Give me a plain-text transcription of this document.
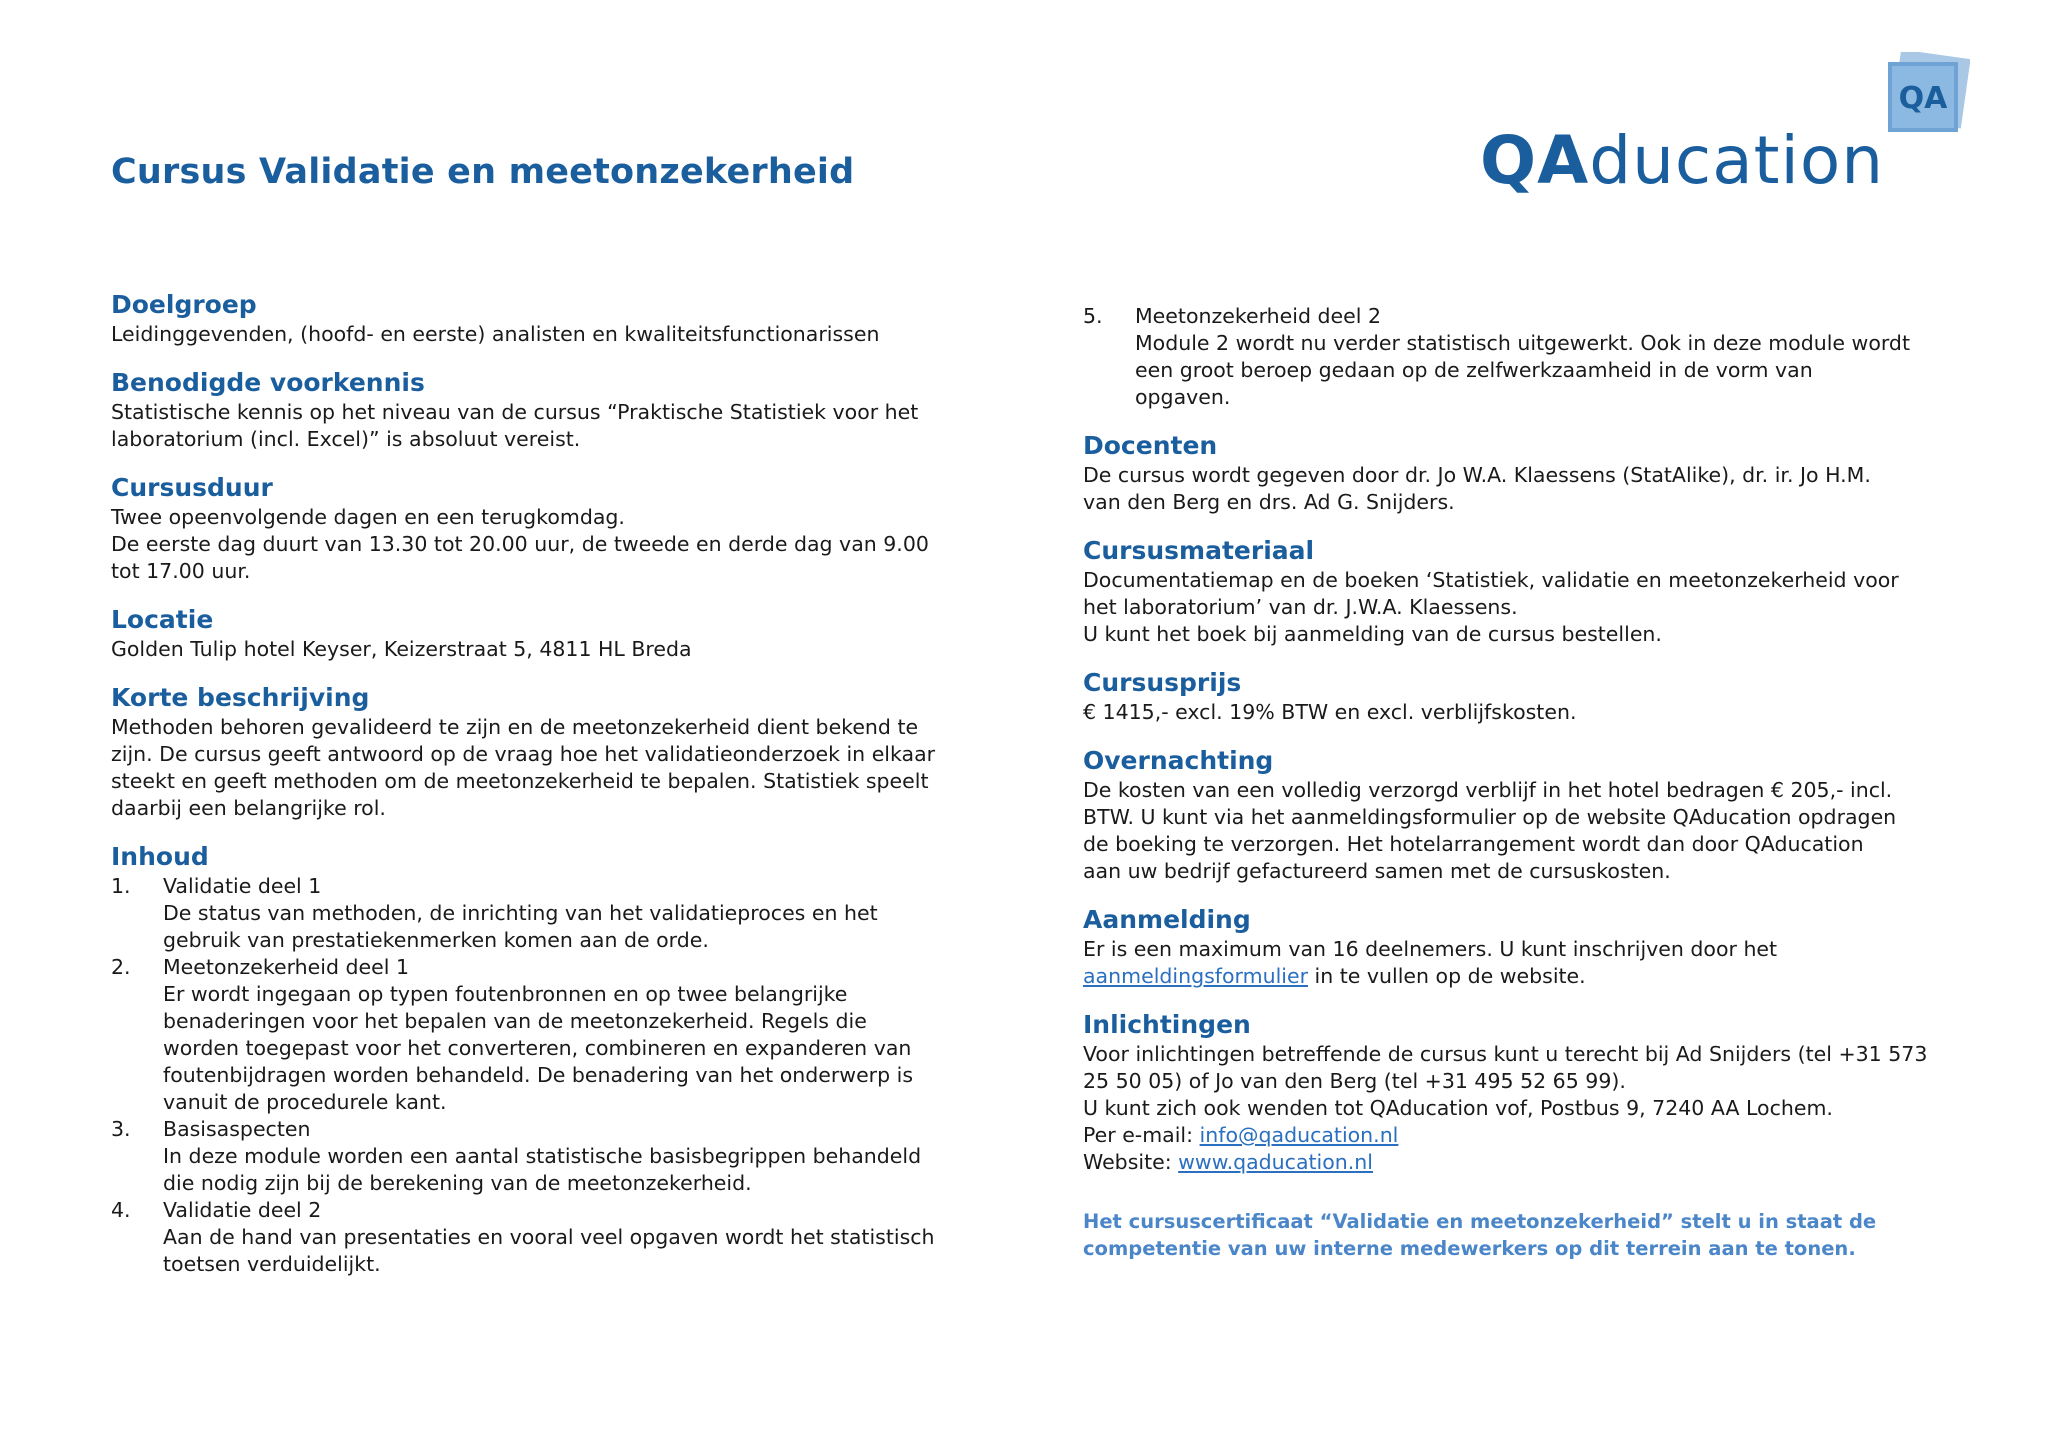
Cursus Validatie en meetonzekerheid	QAducation
QA
Doelgroep

Leidinggevenden, (hoofd- en eerste) analisten en kwaliteitsfunctionarissen

Benodigde voorkennis

Statistische kennis op het niveau van de cursus “Praktische Statistiek voor het
laboratorium (incl. Excel)” is absoluut vereist.

Cursusduur

Twee opeenvolgende dagen en een terugkomdag.
De eerste dag duurt van 13.30 tot 20.00 uur, de tweede en derde dag van 9.00
tot 17.00 uur.

Locatie

Golden Tulip hotel Keyser, Keizerstraat 5, 4811 HL Breda

Korte beschrijving

Methoden behoren gevalideerd te zijn en de meetonzekerheid dient bekend te
zijn. De cursus geeft antwoord op de vraag hoe het validatieonderzoek in elkaar
steekt en geeft methoden om de meetonzekerheid te bepalen. Statistiek speelt
daarbij een belangrijke rol.

Inhoud
1. Validatie deel 1
De status van methoden, de inrichting van het validatieproces en het
gebruik van prestatiekenmerken komen aan de orde.
2. Meetonzekerheid deel 1
Er wordt ingegaan op typen foutenbronnen en op twee belangrijke
benaderingen voor het bepalen van de meetonzekerheid. Regels die
worden toegepast voor het converteren, combineren en expanderen van
foutenbijdragen worden behandeld. De benadering van het onderwerp is
vanuit de procedurele kant.
3. Basisaspecten
In deze module worden een aantal statistische basisbegrippen behandeld
die nodig zijn bij de berekening van de meetonzekerheid.
4. Validatie deel 2
Aan de hand van presentaties en vooral veel opgaven wordt het statistisch
toetsen verduidelijkt.
5. Meetonzekerheid deel 2
Module 2 wordt nu verder statistisch uitgewerkt. Ook in deze module wordt
een groot beroep gedaan op de zelfwerkzaamheid in de vorm van
opgaven.
Docenten

De cursus wordt gegeven door dr. Jo W.A. Klaessens (StatAlike), dr. ir. Jo H.M.
van den Berg en drs. Ad G. Snijders.

Cursusmateriaal

Documentatiemap en de boeken ‘Statistiek, validatie en meetonzekerheid voor
het laboratorium’ van dr. J.W.A. Klaessens.
U kunt het boek bij aanmelding van de cursus bestellen.

Cursusprijs

€ 1415,- excl. 19% BTW en excl. verblijfskosten.

Overnachting

De kosten van een volledig verzorgd verblijf in het hotel bedragen € 205,- incl.
BTW. U kunt via het aanmeldingsformulier op de website QAducation opdragen
de boeking te verzorgen. Het hotelarrangement wordt dan door QAducation
aan uw bedrijf gefactureerd samen met de cursuskosten.

Aanmelding

Er is een maximum van 16 deelnemers. U kunt inschrijven door het
aanmeldingsformulier in te vullen op de website.

Inlichtingen

Voor inlichtingen betreffende de cursus kunt u terecht bij Ad Snijders (tel +31 573
25 50 05) of Jo van den Berg (tel +31 495 52 65 99).
U kunt zich ook wenden tot QAducation vof, Postbus 9, 7240 AA Lochem.
Per e-mail: info@qaducation.nl
Website: www.qaducation.nl

Het cursuscertificaat “Validatie en meetonzekerheid” stelt u in staat de
competentie van uw interne medewerkers op dit terrein aan te tonen.
